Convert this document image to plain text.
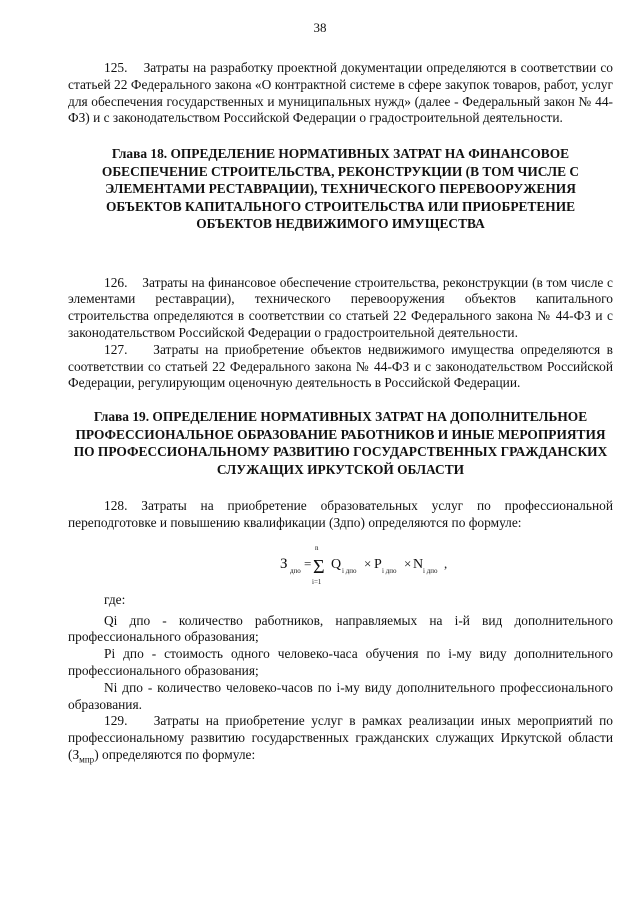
38

125.    Затраты на разработку проектной документации определяются в соответствии со статьей 22 Федерального закона «О контрактной системе в сфере закупок товаров, работ, услуг для обеспечения государственных и муниципальных нужд» (далее - Федеральный закон № 44-ФЗ) и с законодательством Российской Федерации о градостроительной деятельности.

Глава 18. ОПРЕДЕЛЕНИЕ НОРМАТИВНЫХ ЗАТРАТ НА ФИНАНСОВОЕ ОБЕСПЕЧЕНИЕ СТРОИТЕЛЬСТВА, РЕКОНСТРУКЦИИ (В ТОМ ЧИСЛЕ С ЭЛЕМЕНТАМИ РЕСТАВРАЦИИ), ТЕХНИЧЕСКОГО ПЕРЕВООРУЖЕНИЯ ОБЪЕКТОВ КАПИТАЛЬНОГО СТРОИТЕЛЬСТВА ИЛИ ПРИОБРЕТЕНИЕ ОБЪЕКТОВ НЕДВИЖИМОГО ИМУЩЕСТВА

126.    Затраты на финансовое обеспечение строительства, реконструкции (в том числе с элементами реставрации), технического перевооружения объектов капитального строительства определяются в соответствии со статьей 22 Федерального закона № 44-ФЗ и с законодательством Российской Федерации о градостроительной деятельности.

127.    Затраты на приобретение объектов недвижимого имущества определяются в соответствии со статьей 22 Федерального закона № 44-ФЗ и с законодательством Российской Федерации, регулирующим оценочную деятельность в Российской Федерации.

Глава 19. ОПРЕДЕЛЕНИЕ НОРМАТИВНЫХ ЗАТРАТ НА ДОПОЛНИТЕЛЬНОЕ ПРОФЕССИОНАЛЬНОЕ ОБРАЗОВАНИЕ РАБОТНИКОВ И ИНЫЕ МЕРОПРИЯТИЯ ПО ПРОФЕССИОНАЛЬНОМУ РАЗВИТИЮ ГОСУДАРСТВЕННЫХ ГРАЖДАНСКИХ СЛУЖАЩИХ ИРКУТСКОЙ ОБЛАСТИ

128. Затраты на приобретение образовательных услуг по профессиональной переподготовке и повышению квалификации (Здпо) определяются по формуле:

З дпо =
n
Σ
i=1
Q i дпо × P i дпо × N i дпо ,

где:

Qi дпо - количество работников, направляемых на i-й вид дополнительного профессионального образования;

Pi дпо - стоимость одного человеко-часа обучения по i-му виду дополнительного профессионального образования;

Ni дпо - количество человеко-часов по i-му виду дополнительного профессионального образования.

129.    Затраты на приобретение услуг в рамках реализации иных мероприятий по профессиональному развитию государственных гражданских служащих Иркутской области $(З_{мпр})$ определяются по формуле:
